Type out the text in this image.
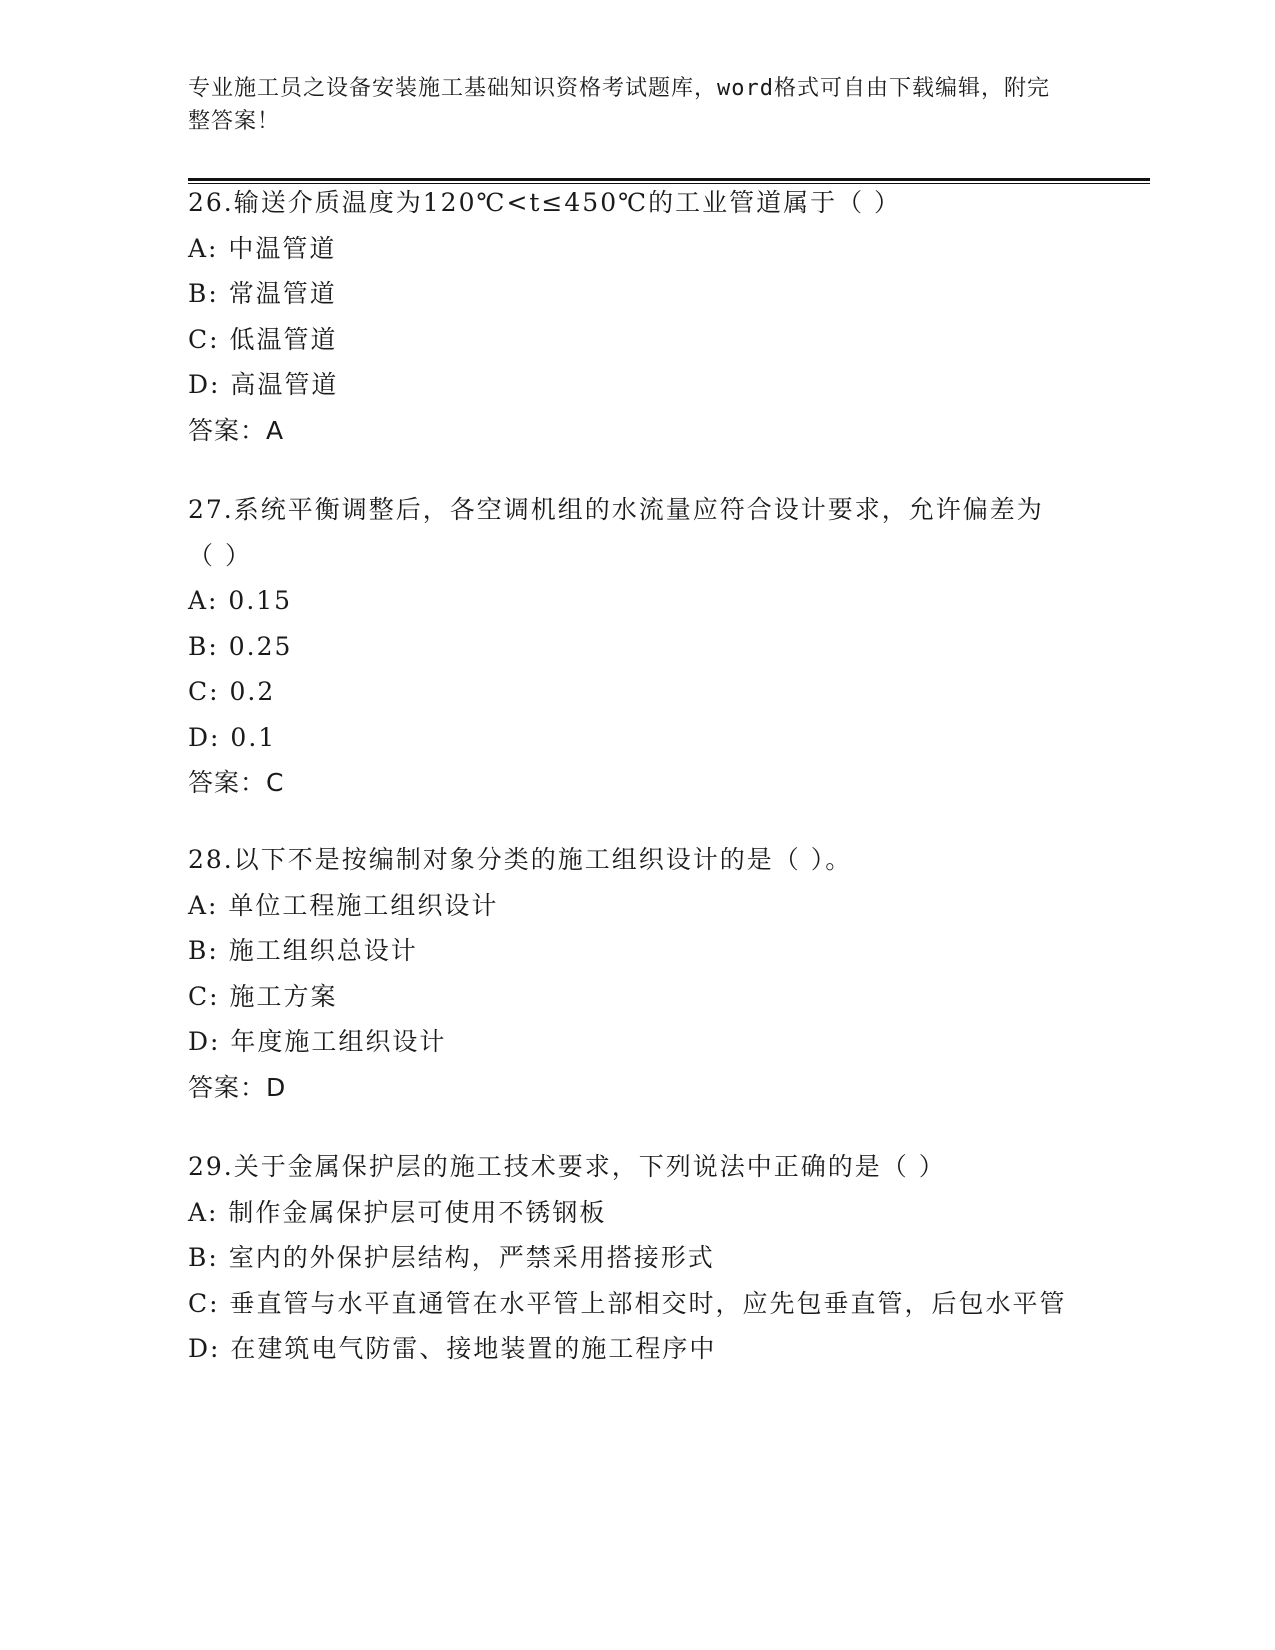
专业施工员之设备安装施工基础知识资格考试题库，word格式可自由下载编辑，附完整答案！

26.输送介质温度为120℃<t≤450℃的工业管道属于（ ）

A: 中温管道

B: 常温管道

C: 低温管道

D: 高温管道

答案：A

27.系统平衡调整后，各空调机组的水流量应符合设计要求，允许偏差为（ ）

A: 0.15

B: 0.25

C: 0.2

D: 0.1

答案：C

28.以下不是按编制对象分类的施工组织设计的是（ ）。

A: 单位工程施工组织设计

B: 施工组织总设计

C: 施工方案

D: 年度施工组织设计

答案：D

29.关于金属保护层的施工技术要求，下列说法中正确的是（ ）

A: 制作金属保护层可使用不锈钢板

B: 室内的外保护层结构，严禁采用搭接形式

C: 垂直管与水平直通管在水平管上部相交时，应先包垂直管，后包水平管

D: 在建筑电气防雷、接地装置的施工程序中
